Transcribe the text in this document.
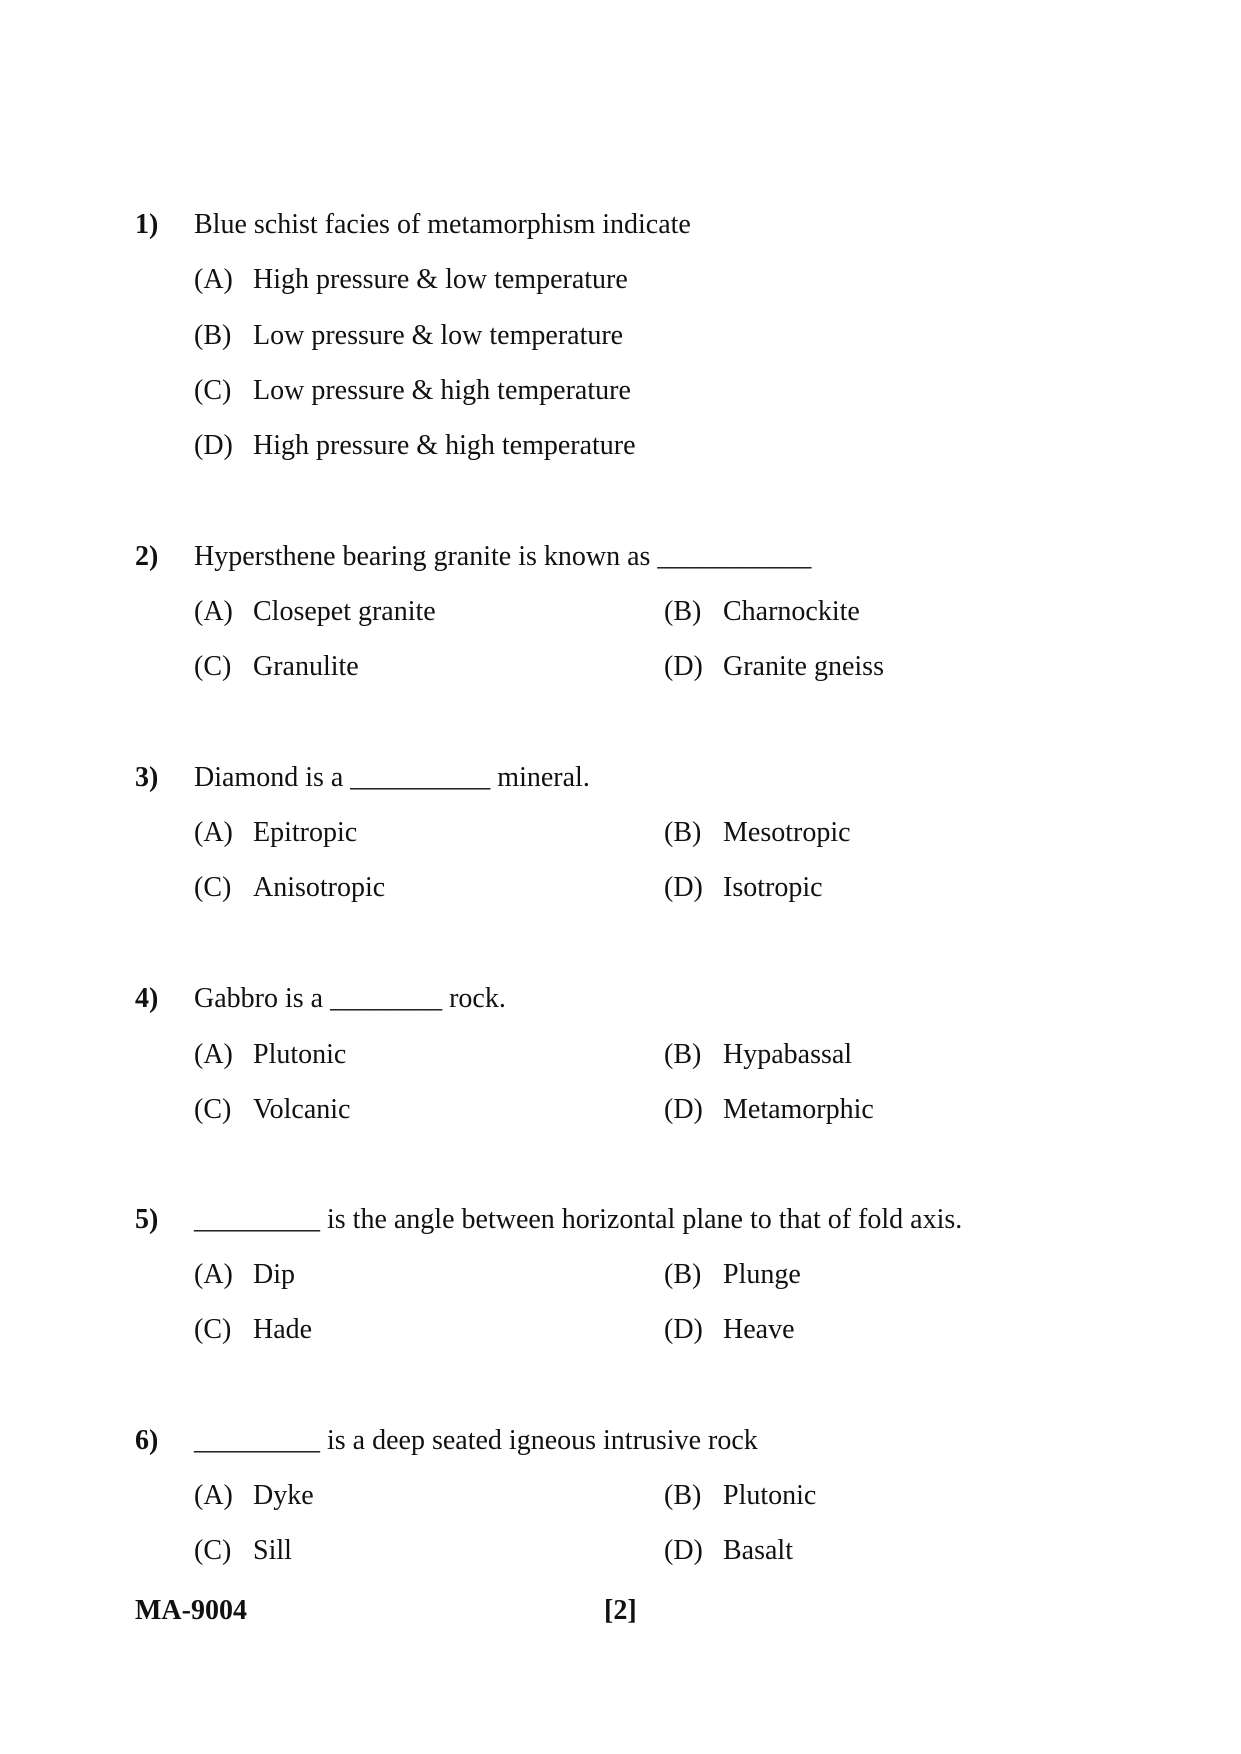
1) Blue schist facies of metamorphism indicate
(A) High pressure & low temperature
(B) Low pressure & low temperature
(C) Low pressure & high temperature
(D) High pressure & high temperature
2) Hypersthene bearing granite is known as ___________
(A) Closepet granite	(B) Charnockite
(C) Granulite	(D) Granite gneiss
3) Diamond is a __________ mineral.
(A) Epitropic	(B) Mesotropic
(C) Anisotropic	(D) Isotropic
4) Gabbro is a ________ rock.
(A) Plutonic	(B) Hypabassal
(C) Volcanic	(D) Metamorphic
5) _________ is the angle between horizontal plane to that of fold axis.
(A) Dip	(B) Plunge
(C) Hade	(D) Heave
6) _________ is a deep seated igneous intrusive rock
(A) Dyke	(B) Plutonic
(C) Sill	(D) Basalt
MA-9004	[2]
